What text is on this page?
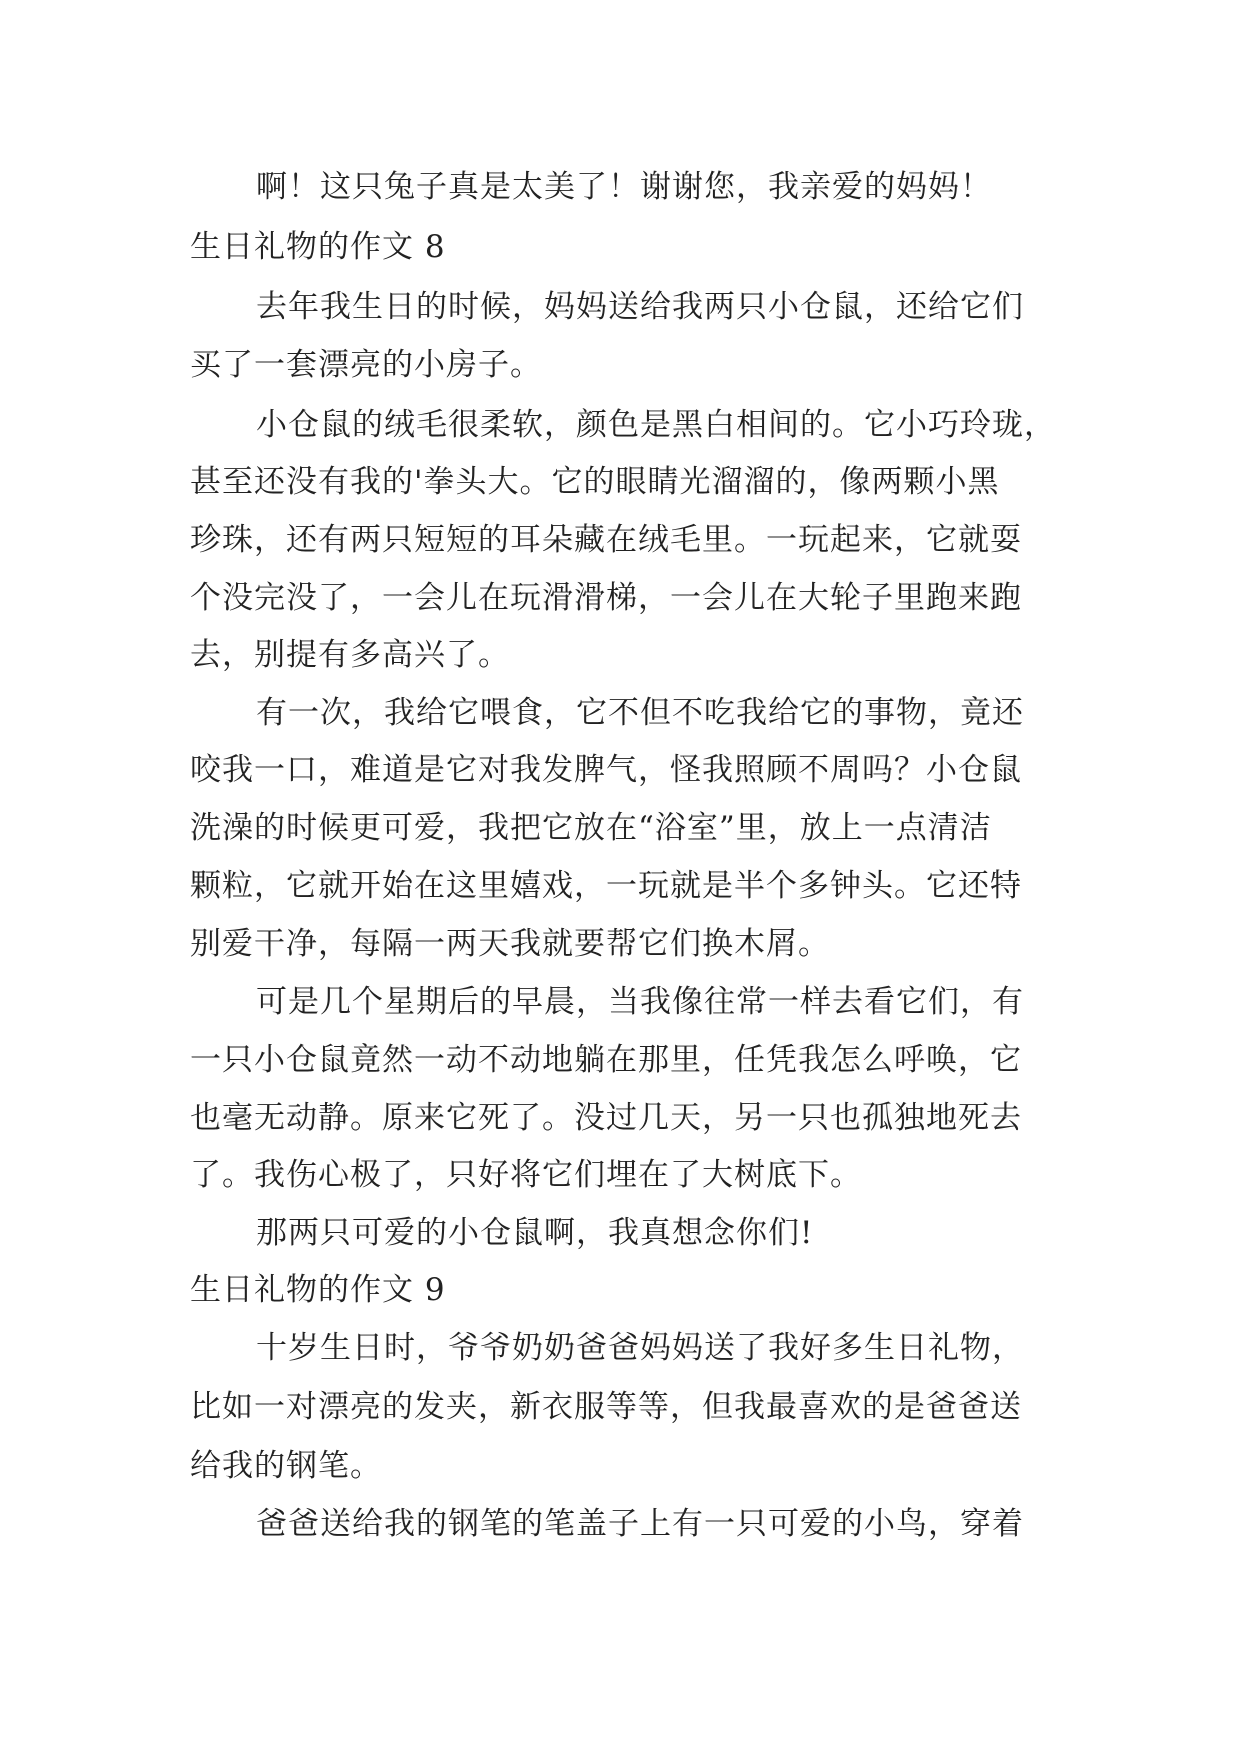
啊！这只兔子真是太美了！谢谢您，我亲爱的妈妈！
生日礼物的作文 8
去年我生日的时候，妈妈送给我两只小仓鼠，还给它们
买了一套漂亮的小房子。
小仓鼠的绒毛很柔软，颜色是黑白相间的。它小巧玲珑，
甚至还没有我的'拳头大。它的眼睛光溜溜的，像两颗小黑
珍珠，还有两只短短的耳朵藏在绒毛里。一玩起来，它就耍
个没完没了，一会儿在玩滑滑梯，一会儿在大轮子里跑来跑
去，别提有多高兴了。
有一次，我给它喂食，它不但不吃我给它的事物，竟还
咬我一口，难道是它对我发脾气，怪我照顾不周吗？小仓鼠
洗澡的时候更可爱，我把它放在“浴室”里，放上一点清洁
颗粒，它就开始在这里嬉戏，一玩就是半个多钟头。它还特
别爱干净，每隔一两天我就要帮它们换木屑。
可是几个星期后的早晨，当我像往常一样去看它们，有
一只小仓鼠竟然一动不动地躺在那里，任凭我怎么呼唤，它
也毫无动静。原来它死了。没过几天，另一只也孤独地死去
了。我伤心极了，只好将它们埋在了大树底下。
那两只可爱的小仓鼠啊，我真想念你们!
生日礼物的作文 9
十岁生日时，爷爷奶奶爸爸妈妈送了我好多生日礼物，
比如一对漂亮的发夹，新衣服等等，但我最喜欢的是爸爸送
给我的钢笔。
爸爸送给我的钢笔的笔盖子上有一只可爱的小鸟，穿着
